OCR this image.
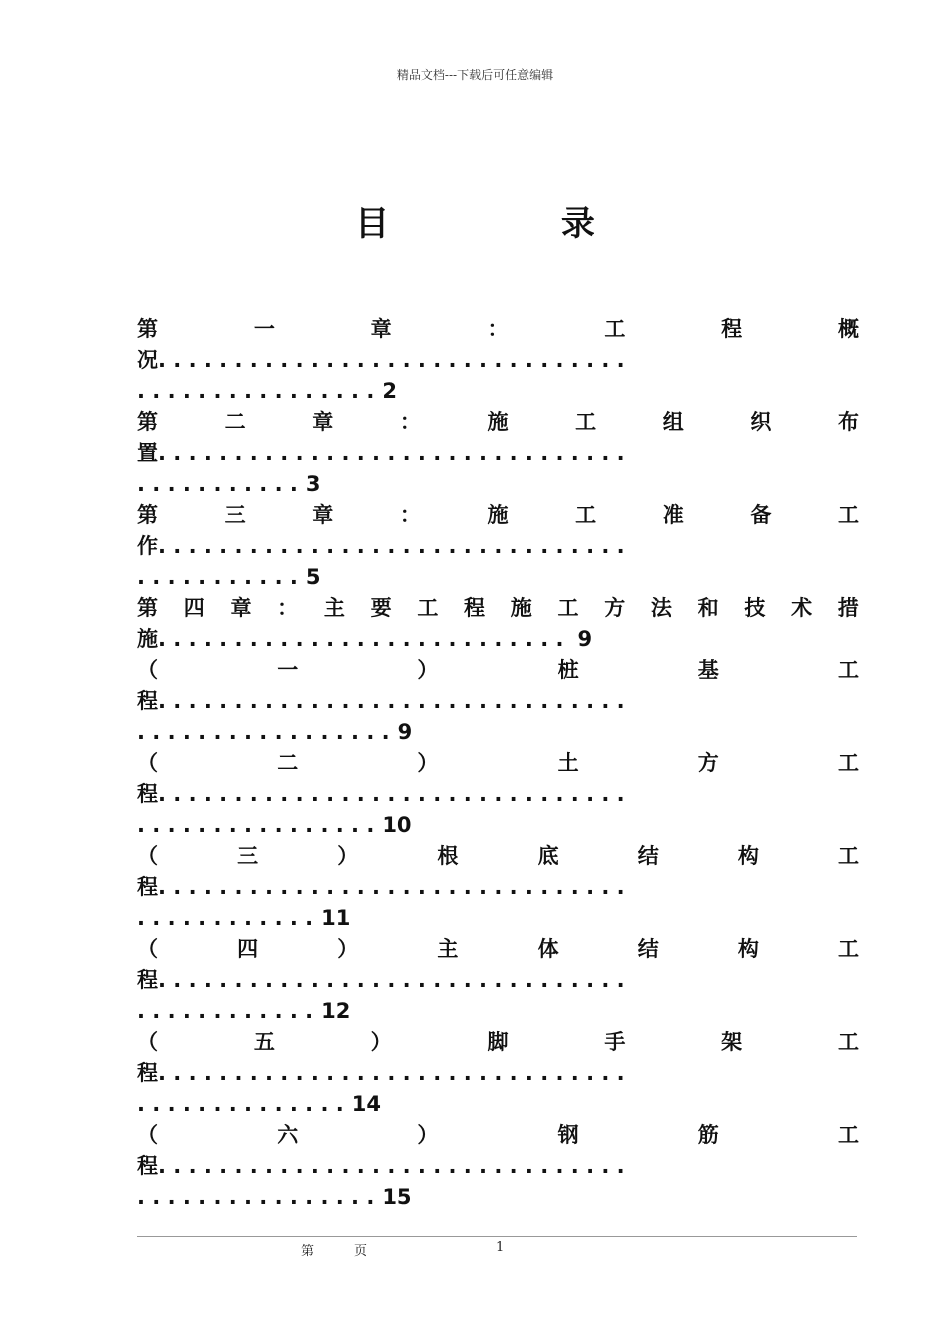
精品文档---下载后可任意编辑
目 录
第	一	章	：	工	程	概
况. . . . . . . . . . . . . . . . . . . . . . . . . . . . . . .
. . . . . . . . . . . . . . . . 2
第	二	章	：	施	工	组	织	布
置. . . . . . . . . . . . . . . . . . . . . . . . . . . . . . .
. . . . . . . . . . . 3
第	三	章	：	施	工	准	备	工
作. . . . . . . . . . . . . . . . . . . . . . . . . . . . . . .
. . . . . . . . . . . 5
第 四 章 ： 主 要 工 程 施 工 方 法 和 技 术 措
施. . . . . . . . . . . . . . . . . . . . . . . . . . . 9
（	一	）	桩	基	工
程. . . . . . . . . . . . . . . . . . . . . . . . . . . . . . .
. . . . . . . . . . . . . . . . . 9
（	二	）	土	方	工
程. . . . . . . . . . . . . . . . . . . . . . . . . . . . . . .
. . . . . . . . . . . . . . . . 10
（	三	）	根	底	结	构	工
程. . . . . . . . . . . . . . . . . . . . . . . . . . . . . . .
. . . . . . . . . . . . 11
（	四	）	主	体	结	构	工
程. . . . . . . . . . . . . . . . . . . . . . . . . . . . . . .
. . . . . . . . . . . . 12
（	五	）	脚	手	架	工
程. . . . . . . . . . . . . . . . . . . . . . . . . . . . . . .
. . . . . . . . . . . . . . 14
（	六	）	钢	筋	工
程. . . . . . . . . . . . . . . . . . . . . . . . . . . . . . .
. . . . . . . . . . . . . . . . 15
第	页	1
